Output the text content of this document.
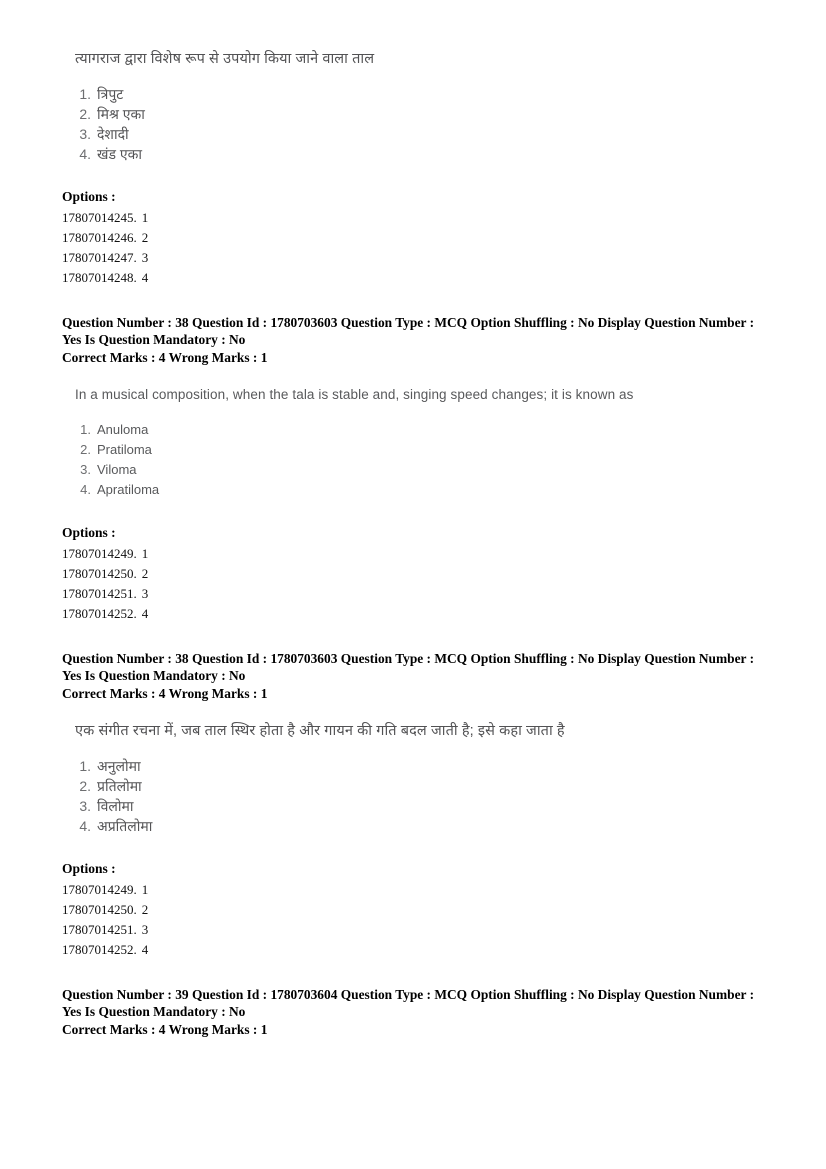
त्यागराज द्वारा विशेष रूप से उपयोग किया जाने वाला ताल

1. त्रिपुट
2. मिश्र एका
3. देशादी
4. खंड एका

Options :

17807014245. 1
17807014246. 2
17807014247. 3
17807014248. 4

Question Number : 38 Question Id : 1780703603 Question Type : MCQ Option Shuffling : No Display Question Number : Yes Is Question Mandatory : No

Correct Marks : 4 Wrong Marks : 1

In a musical composition, when the tala is stable and, singing speed changes; it is known as

1. Anuloma
2. Pratiloma
3. Viloma
4. Apratiloma

Options :

17807014249. 1
17807014250. 2
17807014251. 3
17807014252. 4

Question Number : 38 Question Id : 1780703603 Question Type : MCQ Option Shuffling : No Display Question Number : Yes Is Question Mandatory : No

Correct Marks : 4 Wrong Marks : 1

एक संगीत रचना में, जब ताल स्थिर होता है और गायन की गति बदल जाती है; इसे कहा जाता है

1. अनुलोमा
2. प्रतिलोमा
3. विलोमा
4. अप्रतिलोमा

Options :

17807014249. 1
17807014250. 2
17807014251. 3
17807014252. 4

Question Number : 39 Question Id : 1780703604 Question Type : MCQ Option Shuffling : No Display Question Number : Yes Is Question Mandatory : No

Correct Marks : 4 Wrong Marks : 1
